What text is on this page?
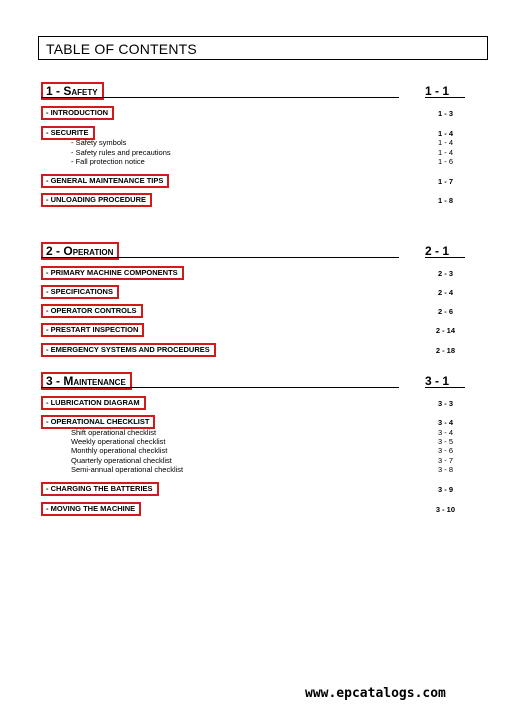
TABLE OF CONTENTS
1 - Safety	1 - 1
- INTRODUCTION	1 - 3
- SECURITE	1 - 4
- Safety symbols	1 - 4
- Safety rules and precautions	1 - 4
- Fall protection notice	1 - 6
- GENERAL MAINTENANCE TIPS	1 - 7
- UNLOADING PROCEDURE	1 - 8
2 - Operation	2 - 1
- PRIMARY MACHINE COMPONENTS	2 - 3
- SPECIFICATIONS	2 - 4
- OPERATOR CONTROLS	2 - 6
- PRESTART INSPECTION	2 - 14
- EMERGENCY SYSTEMS AND PROCEDURES	2 - 18
3 - Maintenance	3 - 1
- LUBRICATION DIAGRAM	3 - 3
- OPERATIONAL CHECKLIST	3 - 4
Shift operational checklist	3 - 4
Weekly operational checklist	3 - 5
Monthly operational checklist	3 - 6
Quarterly operational checklist	3 - 7
Semi-annual operational checklist	3 - 8
- CHARGING THE BATTERIES	3 - 9
- MOVING THE MACHINE	3 - 10
www.epcatalogs.com
